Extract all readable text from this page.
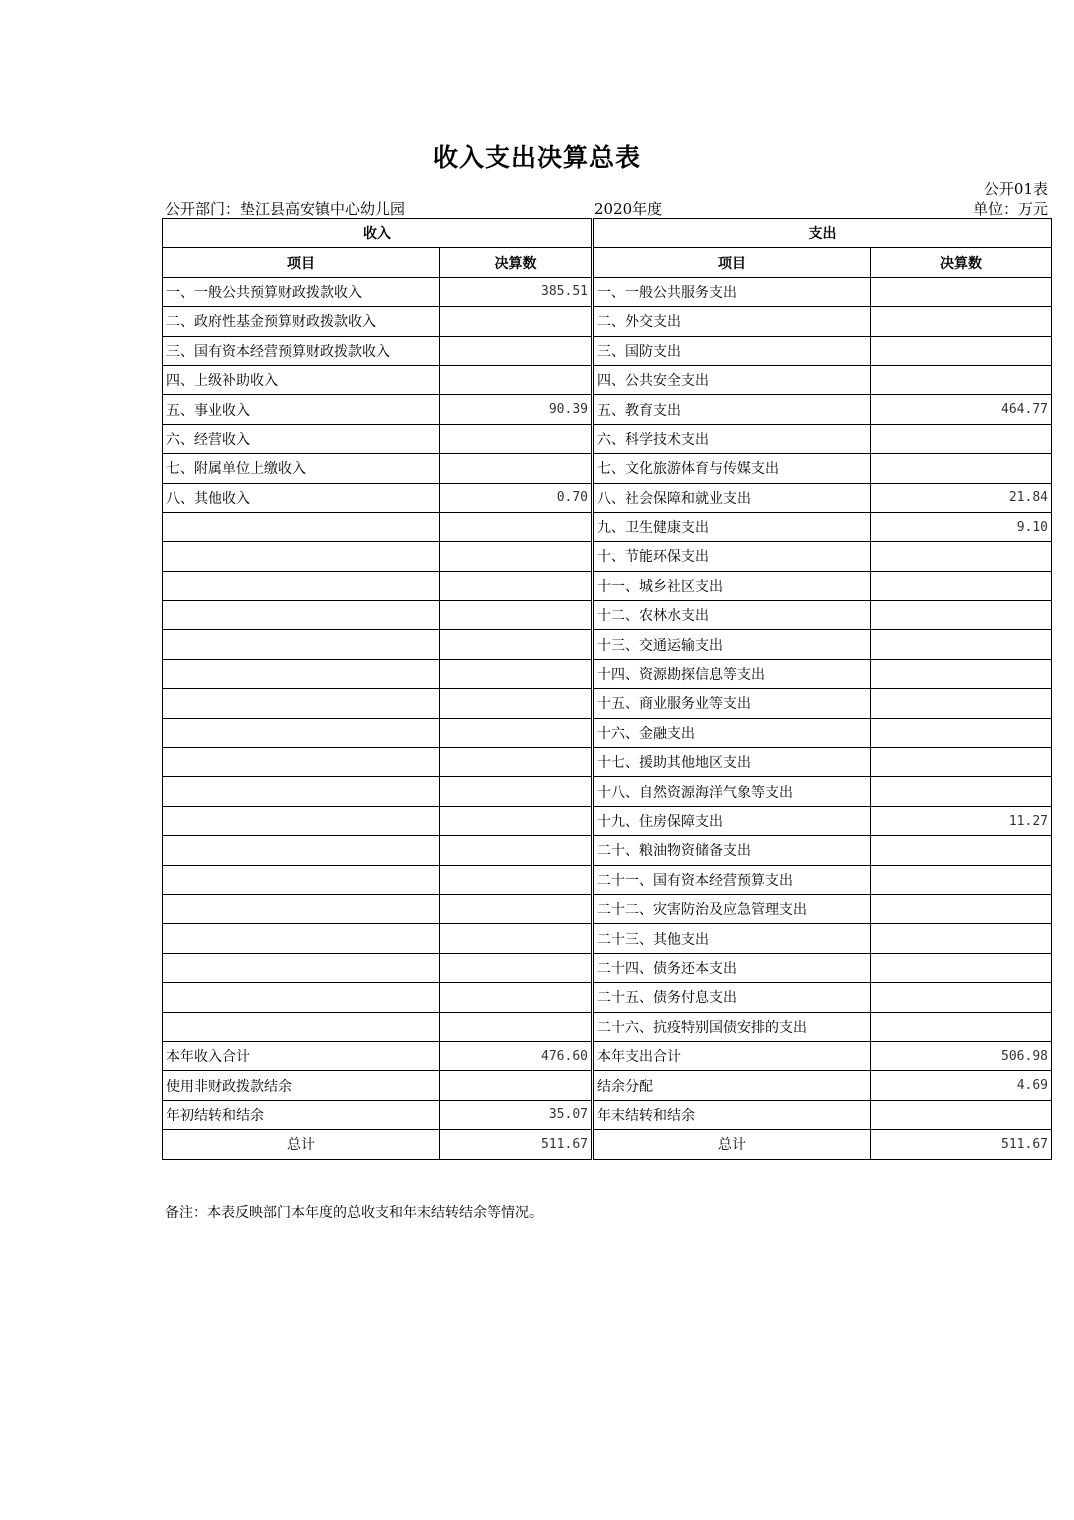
收入支出决算总表
公开01表
公开部门：垫江县高安镇中心幼儿园	2020年度	单位：万元
收入			支出	
项目	决算数		项目	决算数
一、一般公共预算财政拨款收入	385.51		一、一般公共服务支出	
二、政府性基金预算财政拨款收入			二、外交支出	
三、国有资本经营预算财政拨款收入			三、国防支出	
四、上级补助收入			四、公共安全支出	
五、事业收入	90.39		五、教育支出	464.77
六、经营收入			六、科学技术支出	
七、附属单位上缴收入			七、文化旅游体育与传媒支出	
八、其他收入	0.70		八、社会保障和就业支出	21.84
			九、卫生健康支出	9.10
			十、节能环保支出	
			十一、城乡社区支出	
			十二、农林水支出	
			十三、交通运输支出	
			十四、资源勘探信息等支出	
			十五、商业服务业等支出	
			十六、金融支出	
			十七、援助其他地区支出	
			十八、自然资源海洋气象等支出	
			十九、住房保障支出	11.27
			二十、粮油物资储备支出	
			二十一、国有资本经营预算支出	
			二十二、灾害防治及应急管理支出	
			二十三、其他支出	
			二十四、债务还本支出	
			二十五、债务付息支出	
			二十六、抗疫特别国债安排的支出	
本年收入合计	476.60		本年支出合计	506.98
使用非财政拨款结余			结余分配	4.69
年初结转和结余	35.07		年末结转和结余	
总计	511.67		总计	511.67
备注：本表反映部门本年度的总收支和年末结转结余等情况。
